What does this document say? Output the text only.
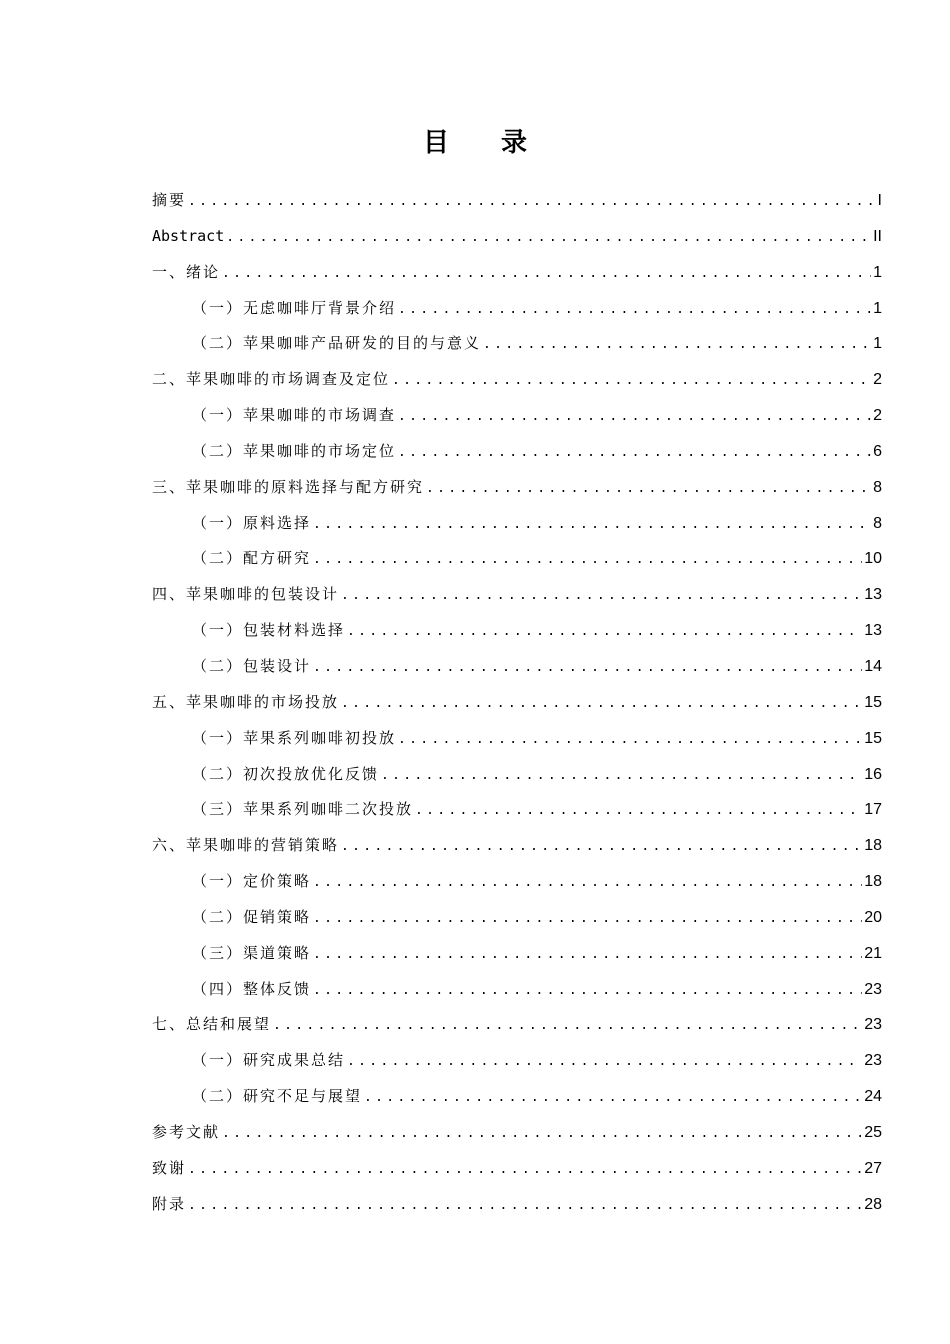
目 录
摘要 .....	I
Abstract .....	II
一、绪论 .....	1
（一）无虑咖啡厅背景介绍 .....	1
（二）苹果咖啡产品研发的目的与意义 .....	1
二、苹果咖啡的市场调查及定位 .....	2
（一）苹果咖啡的市场调查 .....	2
（二）苹果咖啡的市场定位 .....	6
三、苹果咖啡的原料选择与配方研究 .....	8
（一）原料选择 .....	8
（二）配方研究 .....	10
四、苹果咖啡的包装设计 .....	13
（一）包装材料选择 .....	13
（二）包装设计 .....	14
五、苹果咖啡的市场投放 .....	15
（一）苹果系列咖啡初投放 .....	15
（二）初次投放优化反馈 .....	16
（三）苹果系列咖啡二次投放 .....	17
六、苹果咖啡的营销策略 .....	18
（一）定价策略 .....	18
（二）促销策略 .....	20
（三）渠道策略 .....	21
（四）整体反馈 .....	23
七、总结和展望 .....	23
（一）研究成果总结 .....	23
（二）研究不足与展望 .....	24
参考文献 .....	25
致谢 .....	27
附录 .....	28
